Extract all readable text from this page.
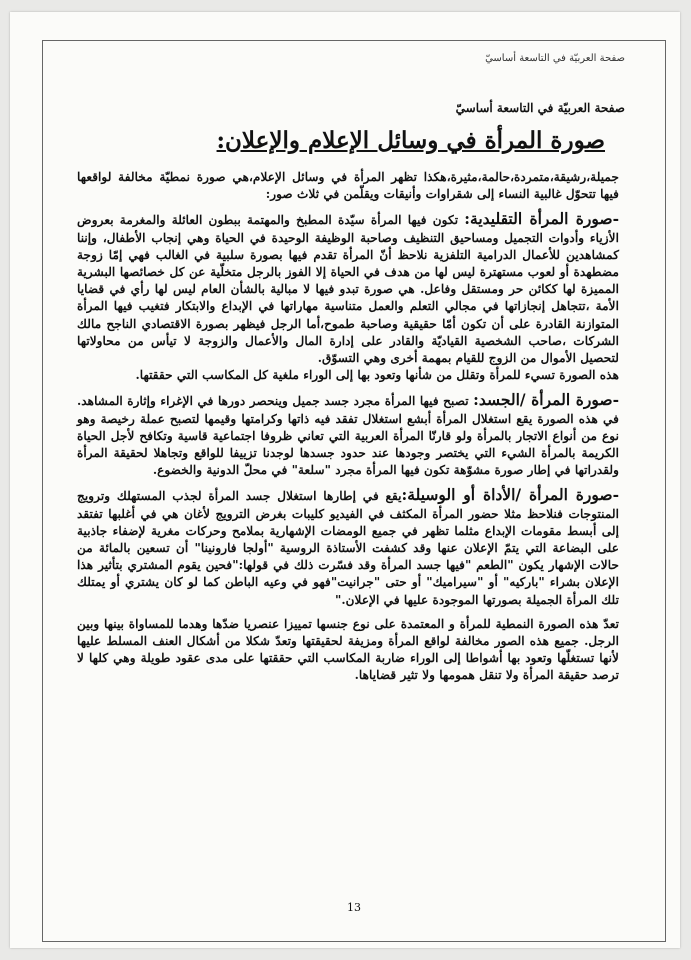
صفحة العربيّة في التاسعة أساسيّ
صفحة العربيّة في التاسعة أساسيّ
صورة المرأة في وسائل الإعلام والإعلان:

جميلة،رشيقة،متمردة،حالمة،مثيرة،هكذا تظهر المرأة في وسائل الإعلام،هي صورة نمطيّة مخالفة لواقعها فيها تتحوّل غالبية النساء إلى شقراوات وأنيقات ويقلّمن في ثلاث صور:

-صورة المرأة التقليدية: تكون فيها المرأة سيّدة المطبخ والمهتمة ببطون العائلة والمغرمة بعروض الأزياء وأدوات التجميل ومساحيق التنظيف وصاحبة الوظيفة الوحيدة في الحياة وهي إنجاب الأطفال، وإننا كمشاهدين للأعمال الدرامية التلفزية نلاحظ أنّ المرأة تقدم فيها بصورة سلبية في الغالب فهي إمّا زوجة مضطهدة أو لعوب مستهترة ليس لها من هدف في الحياة إلا الفوز بالرجل متخلّية عن كل خصائصها البشرية المميزة لها ككائن حر ومستقل وفاعل. هي صورة تبدو فيها لا مبالية بالشأن العام ليس لها رأي في قضايا الأمة ،تتجاهل إنجازاتها في مجالي التعلم والعمل متناسية مهاراتها في الإبداع والابتكار فتغيب فيها المرأة المتوازنة القادرة على أن تكون أمّا حقيقية وصاحبة طموح،أما الرجل فيظهر بصورة الاقتصادي الناجح مالك الشركات ،صاحب الشخصية القياديّة والقادر على إدارة المال والأعمال والزوجة لا تيأس من محاولاتها لتحصيل الأموال من الزوج للقيام بمهمة أخرى وهي التسوّق.
هذه الصورة تسيء للمرأة وتقلل من شأنها وتعود بها إلى الوراء ملغية كل المكاسب التي حققتها.

-صورة المرأة /الجسد: تصبح فيها المرأة مجرد جسد جميل وينحصر دورها في الإغراء وإثارة المشاهد. في هذه الصورة يقع استغلال المرأة أبشع استغلال تفقد فيه ذاتها وكرامتها وقيمها لتصبح عملة رخيصة وهو نوع من أنواع الاتجار بالمرأة ولو قارنّا المرأة العربية التي تعاني ظروفا اجتماعية قاسية وتكافح لأجل الحياة الكريمة بالمرأة الشيء التي يختصر وجودها عند حدود جسدها لوجدنا تزييفا للواقع وتجاهلا لحقيقة المرأة ولقدراتها في إطار صورة مشوّهة تكون فيها المرأة مجرد "سلعة" في محلّ الدونية والخضوع.

-صورة المرأة /الأداة أو الوسيلة:يقع في إطارها استغلال جسد المرأة لجذب المستهلك وترويج المنتوجات فنلاحظ مثلا حضور المرأة المكثف في الفيديو كليبات بغرض الترويج لأغان هي في أغلبها تفتقد إلى أبسط مقومات الإبداع مثلما تظهر في جميع الومضات الإشهارية بملامح وحركات مغرية لإضفاء جاذبية على البضاعة التي يتمّ الإعلان عنها وقد كشفت الأستاذة الروسية "أولجا فارونينا" أن تسعين بالمائة من حالات الإشهار يكون "الطعم "فيها جسد المرأة وقد فسّرت ذلك في قولها:"فحين يقوم المشتري بتأثير هذا الإعلان بشراء "باركيه" أو "سيراميك" أو حتى "جرانيت"فهو في وعيه الباطن كما لو كان يشتري أو يمتلك تلك المرأة الجميلة بصورتها الموجودة عليها في الإعلان."

تعدّ هذه الصورة النمطية للمرأة و المعتمدة على نوع جنسها تمييزا عنصريا ضدّها وهدما للمساواة بينها وبين الرجل. جميع هذه الصور مخالفة لواقع المرأة ومزيفة لحقيقتها وتعدّ شكلا من أشكال العنف المسلط عليها لأنها تستغلّها وتعود بها أشواطا إلى الوراء ضاربة المكاسب التي حققتها على مدى عقود طويلة وهي كلها لا ترصد حقيقة المرأة ولا تنقل همومها ولا تثير قضاياها.

13
